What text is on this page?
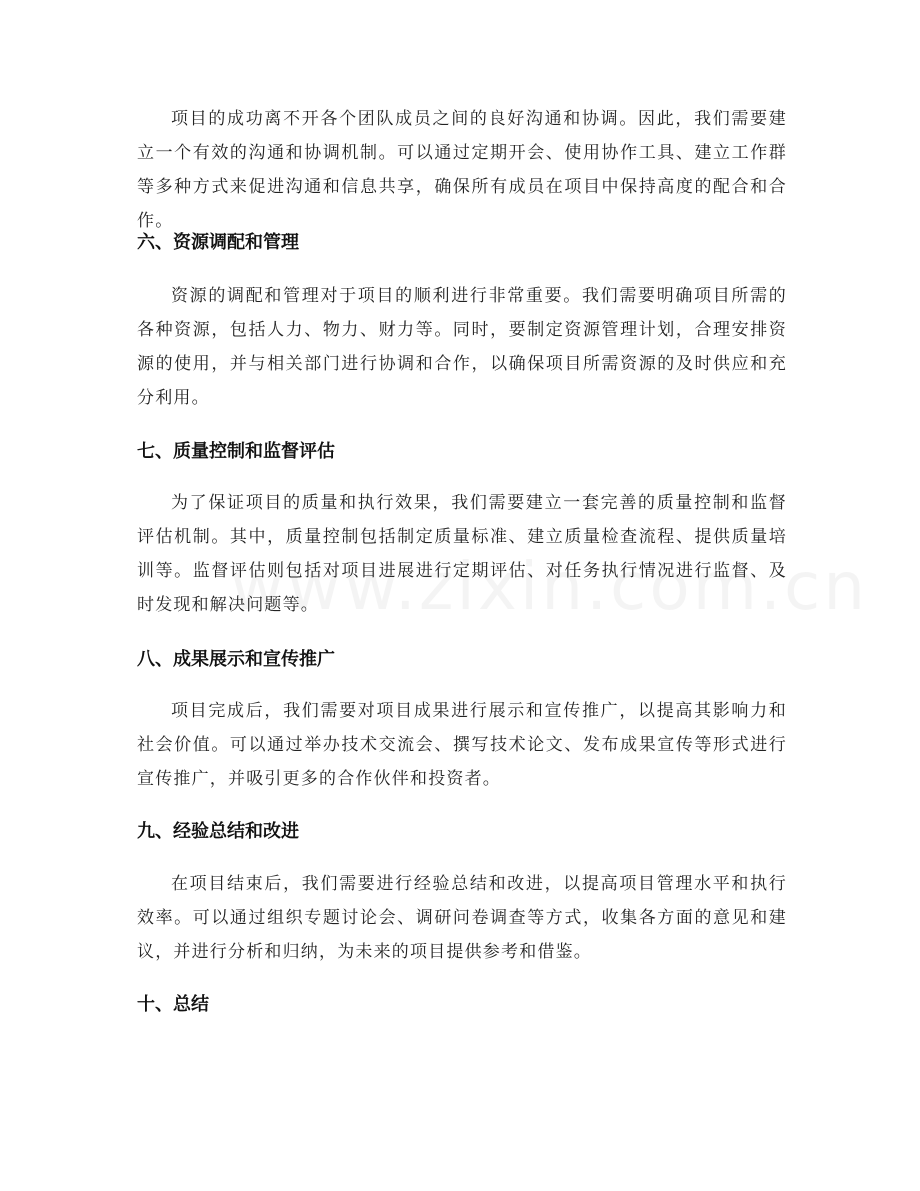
项目的成功离不开各个团队成员之间的良好沟通和协调。因此，我们需要建立一个有效的沟通和协调机制。可以通过定期开会、使用协作工具、建立工作群等多种方式来促进沟通和信息共享，确保所有成员在项目中保持高度的配合和合作。

六、资源调配和管理

资源的调配和管理对于项目的顺利进行非常重要。我们需要明确项目所需的各种资源，包括人力、物力、财力等。同时，要制定资源管理计划，合理安排资源的使用，并与相关部门进行协调和合作，以确保项目所需资源的及时供应和充分利用。

七、质量控制和监督评估

为了保证项目的质量和执行效果，我们需要建立一套完善的质量控制和监督评估机制。其中，质量控制包括制定质量标准、建立质量检查流程、提供质量培训等。监督评估则包括对项目进展进行定期评估、对任务执行情况进行监督、及时发现和解决问题等。

八、成果展示和宣传推广

项目完成后，我们需要对项目成果进行展示和宣传推广，以提高其影响力和社会价值。可以通过举办技术交流会、撰写技术论文、发布成果宣传等形式进行宣传推广，并吸引更多的合作伙伴和投资者。

九、经验总结和改进

在项目结束后，我们需要进行经验总结和改进，以提高项目管理水平和执行效率。可以通过组织专题讨论会、调研问卷调查等方式，收集各方面的意见和建议，并进行分析和归纳，为未来的项目提供参考和借鉴。

十、总结
